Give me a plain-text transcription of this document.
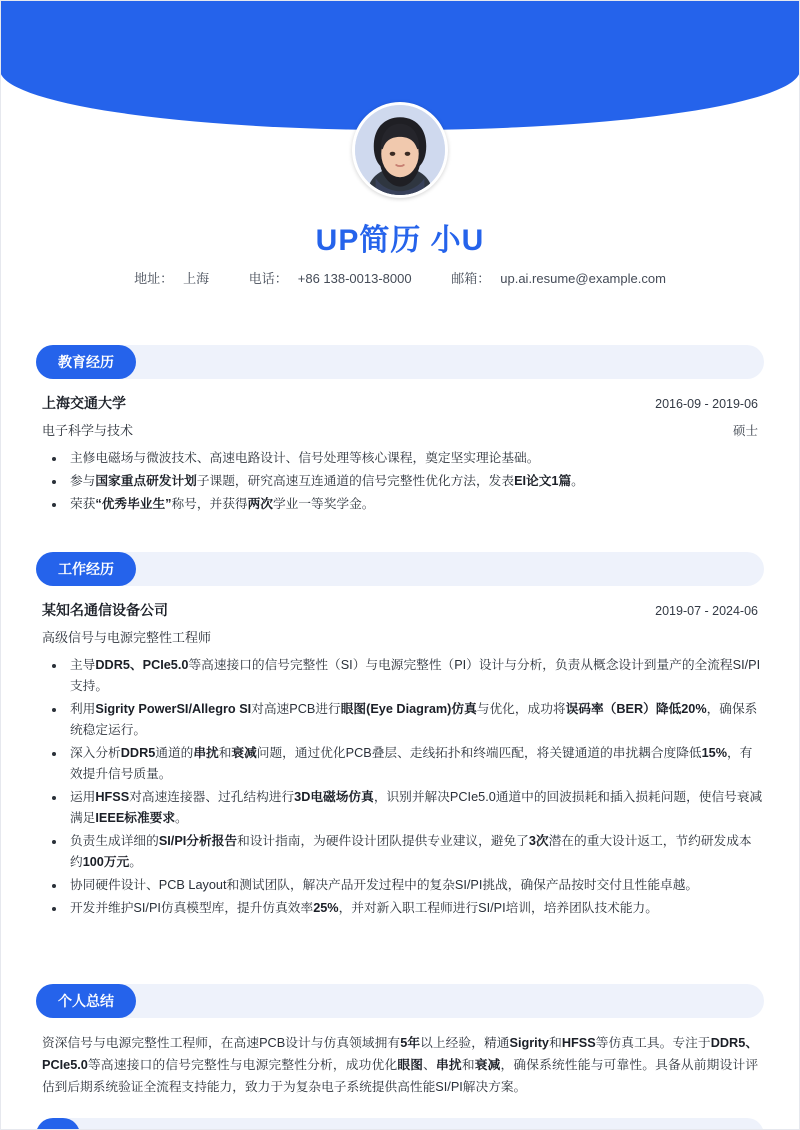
UP简历 小U
地址： 上海	电话： +86 138-0013-8000	邮箱： up.ai.resume@example.com
教育经历
上海交通大学	2016-09 - 2019-06
电子科学与技术	硕士
• 主修电磁场与微波技术、高速电路设计、信号处理等核心课程，奠定坚实理论基础。
• 参与国家重点研发计划子课题，研究高速互连通道的信号完整性优化方法，发表EI论文1篇。
• 荣获“优秀毕业生”称号，并获得两次学业一等奖学金。
工作经历
某知名通信设备公司	2019-07 - 2024-06
高级信号与电源完整性工程师
• 主导DDR5、PCIe5.0等高速接口的信号完整性（SI）与电源完整性（PI）设计与分析，负责从概念设计到量产的全流程SI/PI支持。
• 利用Sigrity PowerSI/Allegro SI对高速PCB进行眼图(Eye Diagram)仿真与优化，成功将误码率（BER）降低20%，确保系统稳定运行。
• 深入分析DDR5通道的串扰和衰减问题，通过优化PCB叠层、走线拓扑和终端匹配，将关键通道的串扰耦合度降低15%，有效提升信号质量。
• 运用HFSS对高速连接器、过孔结构进行3D电磁场仿真，识别并解决PCIe5.0通道中的回波损耗和插入损耗问题，使信号衰减满足IEEE标准要求。
• 负责生成详细的SI/PI分析报告和设计指南，为硬件设计团队提供专业建议，避免了3次潜在的重大设计返工，节约研发成本约100万元。
• 协同硬件设计、PCB Layout和测试团队，解决产品开发过程中的复杂SI/PI挑战，确保产品按时交付且性能卓越。
• 开发并维护SI/PI仿真模型库，提升仿真效率25%，并对新入职工程师进行SI/PI培训，培养团队技术能力。
个人总结
资深信号与电源完整性工程师，在高速PCB设计与仿真领域拥有5年以上经验，精通Sigrity和HFSS等仿真工具。专注于DDR5、PCIe5.0等高速接口的信号完整性与电源完整性分析，成功优化眼图、串扰和衰减，确保系统性能与可靠性。具备从前期设计评估到后期系统验证全流程支持能力，致力于为复杂电子系统提供高性能SI/PI解决方案。
